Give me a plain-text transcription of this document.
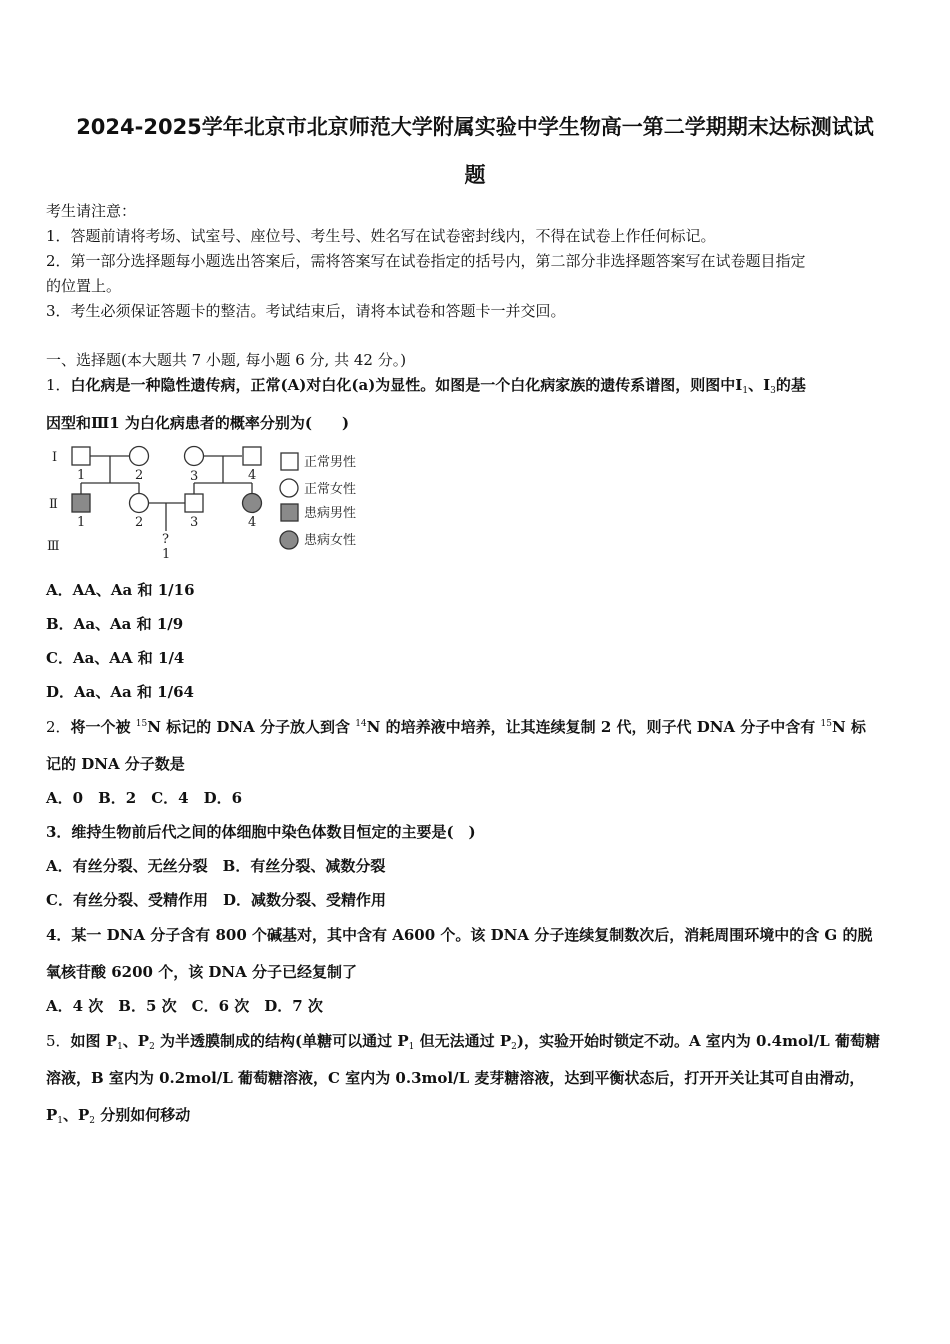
2024-2025学年北京市北京师范大学附属实验中学生物高一第二学期期末达标测试试
题
考生请注意：
1．答题前请将考场、试室号、座位号、考生号、姓名写在试卷密封线内，不得在试卷上作任何标记。
2．第一部分选择题每小题选出答案后，需将答案写在试卷指定的括号内，第二部分非选择题答案写在试卷题目指定
的位置上。
3．考生必须保证答题卡的整洁。考试结束后，请将本试卷和答题卡一并交回。
一、选择题(本大题共 7 小题, 每小题 6 分, 共 42 分。)
1．白化病是一种隐性遗传病，正常(A)对白化(a)为显性。如图是一个白化病家族的遗传系谱图，则图中$Ⅰ_1$、$Ⅰ_3$的基
因型和Ⅲ1 为白化病患者的概率分别为(　　)
Ⅰ
Ⅱ
Ⅲ
1	2	3	4
1	2	3	4
?
1
正常男性
正常女性
患病男性
患病女性
A．AA、Aa 和 1/16
B．Aa、Aa 和 1/9
C．Aa、AA 和 1/4
D．Aa、Aa 和 1/64
2．将一个被 $^{15}$N 标记的 DNA 分子放人到含 $^{14}$N 的培养液中培养，让其连续复制 2 代，则子代 DNA 分子中含有 $^{15}$N 标
记的 DNA 分子数是
A．0　B．2　C．4　D．6
3．维持生物前后代之间的体细胞中染色体数目恒定的主要是(　)
A．有丝分裂、无丝分裂　B．有丝分裂、减数分裂
C．有丝分裂、受精作用　D．减数分裂、受精作用
4．某一 DNA 分子含有 800 个碱基对，其中含有 A600 个。该 DNA 分子连续复制数次后，消耗周围环境中的含 G 的脱
氧核苷酸 6200 个，该 DNA 分子已经复制了
A．4 次　B．5 次　C．6 次　D．7 次
5．如图 $P_1$、$P_2$ 为半透膜制成的结构(单糖可以通过 $P_1$ 但无法通过 $P_2$)，实验开始时锁定不动。A 室内为 0.4mol/L 葡萄糖
溶液，B 室内为 0.2mol/L 葡萄糖溶液，C 室内为 0.3mol/L 麦芽糖溶液，达到平衡状态后，打开开关让其可自由滑动，
$P_1$、$P_2$ 分别如何移动
